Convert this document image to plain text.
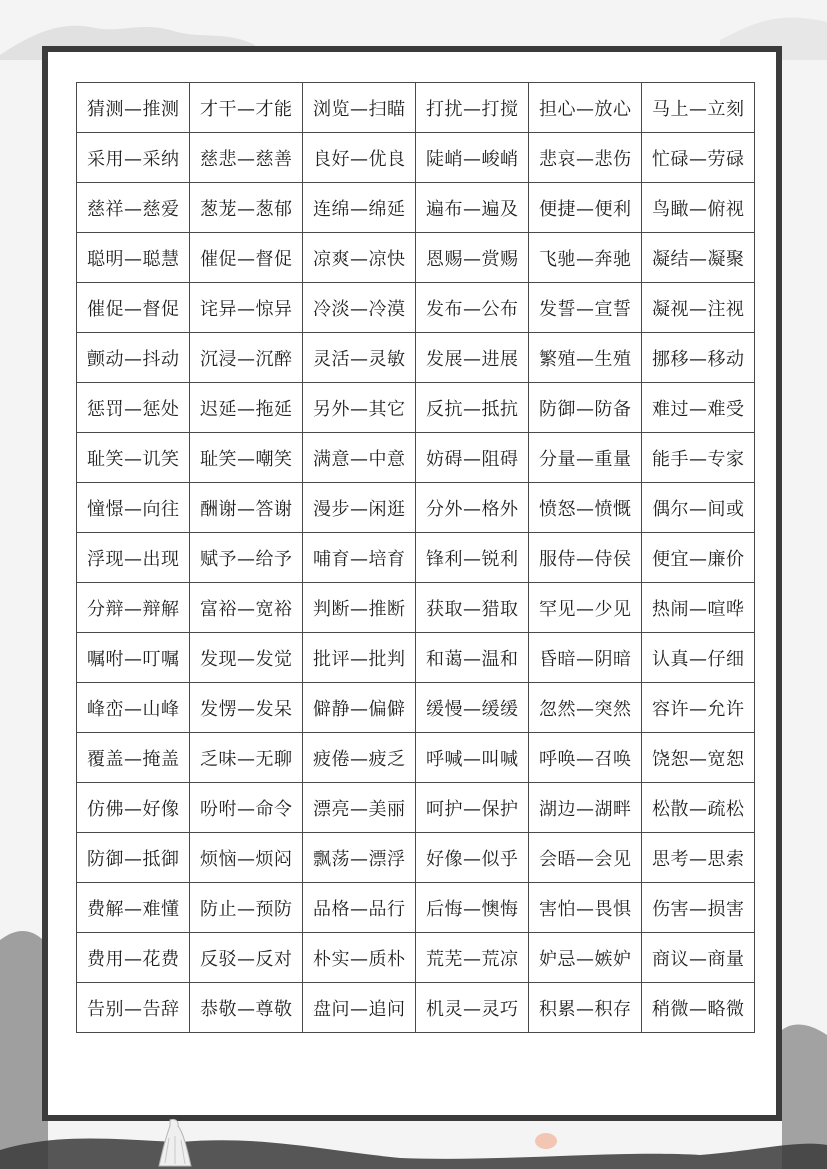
猜测—推测	才干—才能	浏览—扫瞄	打扰—打搅	担心—放心	马上—立刻
采用—采纳	慈悲—慈善	良好—优良	陡峭—峻峭	悲哀—悲伤	忙碌—劳碌
慈祥—慈爱	葱茏—葱郁	连绵—绵延	遍布—遍及	便捷—便利	鸟瞰—俯视
聪明—聪慧	催促—督促	凉爽—凉快	恩赐—赏赐	飞驰—奔驰	凝结—凝聚
催促—督促	诧异—惊异	冷淡—冷漠	发布—公布	发誓—宣誓	凝视—注视
颤动—抖动	沉浸—沉醉	灵活—灵敏	发展—进展	繁殖—生殖	挪移—移动
惩罚—惩处	迟延—拖延	另外—其它	反抗—抵抗	防御—防备	难过—难受
耻笑—讥笑	耻笑—嘲笑	满意—中意	妨碍—阻碍	分量—重量	能手—专家
憧憬—向往	酬谢—答谢	漫步—闲逛	分外—格外	愤怒—愤慨	偶尔—间或
浮现—出现	赋予—给予	哺育—培育	锋利—锐利	服侍—侍侯	便宜—廉价
分辩—辩解	富裕—宽裕	判断—推断	获取—猎取	罕见—少见	热闹—喧哗
嘱咐—叮嘱	发现—发觉	批评—批判	和蔼—温和	昏暗—阴暗	认真—仔细
峰峦—山峰	发愣—发呆	僻静—偏僻	缓慢—缓缓	忽然—突然	容许—允许
覆盖—掩盖	乏味—无聊	疲倦—疲乏	呼喊—叫喊	呼唤—召唤	饶恕—宽恕
仿佛—好像	吩咐—命令	漂亮—美丽	呵护—保护	湖边—湖畔	松散—疏松
防御—抵御	烦恼—烦闷	飘荡—漂浮	好像—似乎	会晤—会见	思考—思索
费解—难懂	防止—预防	品格—品行	后悔—懊悔	害怕—畏惧	伤害—损害
费用—花费	反驳—反对	朴实—质朴	荒芜—荒凉	妒忌—嫉妒	商议—商量
告别—告辞	恭敬—尊敬	盘问—追问	机灵—灵巧	积累—积存	稍微—略微
